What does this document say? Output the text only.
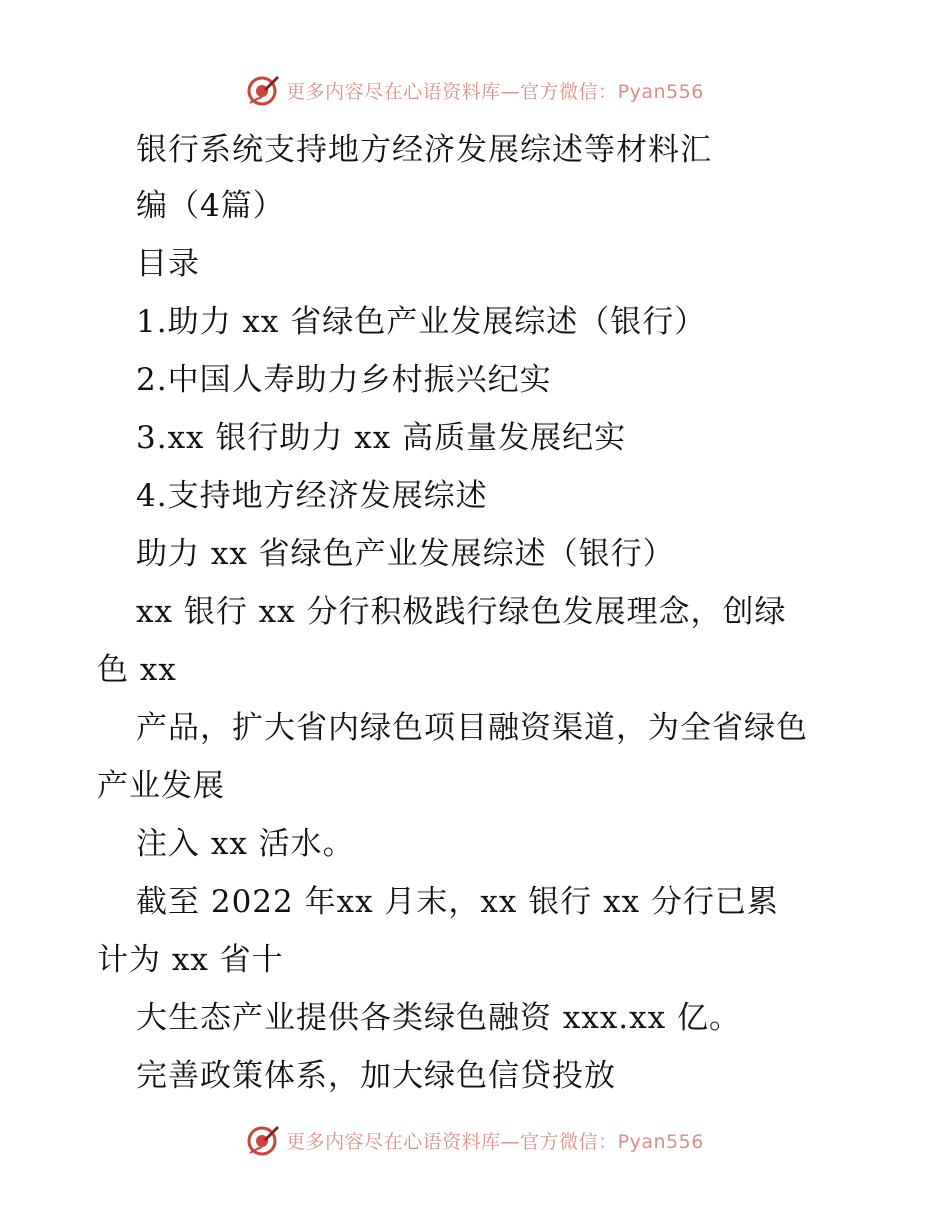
更多内容尽在心语资料库—官方微信：Pyan556
银行系统支持地方经济发展综述等材料汇
编（4篇）
目录
1.助力 xx 省绿色产业发展综述（银行）
2.中国人寿助力乡村振兴纪实
3.xx 银行助力 xx 高质量发展纪实
4.支持地方经济发展综述
助力 xx 省绿色产业发展综述（银行）
xx 银行 xx 分行积极践行绿色发展理念，创绿
色 xx
产品，扩大省内绿色项目融资渠道，为全省绿色
产业发展
注入 xx 活水。
截至 2022 年xx 月末，xx 银行 xx 分行已累
计为 xx 省十
大生态产业提供各类绿色融资 xxx.xx 亿。
完善政策体系，加大绿色信贷投放
更多内容尽在心语资料库—官方微信：Pyan556
